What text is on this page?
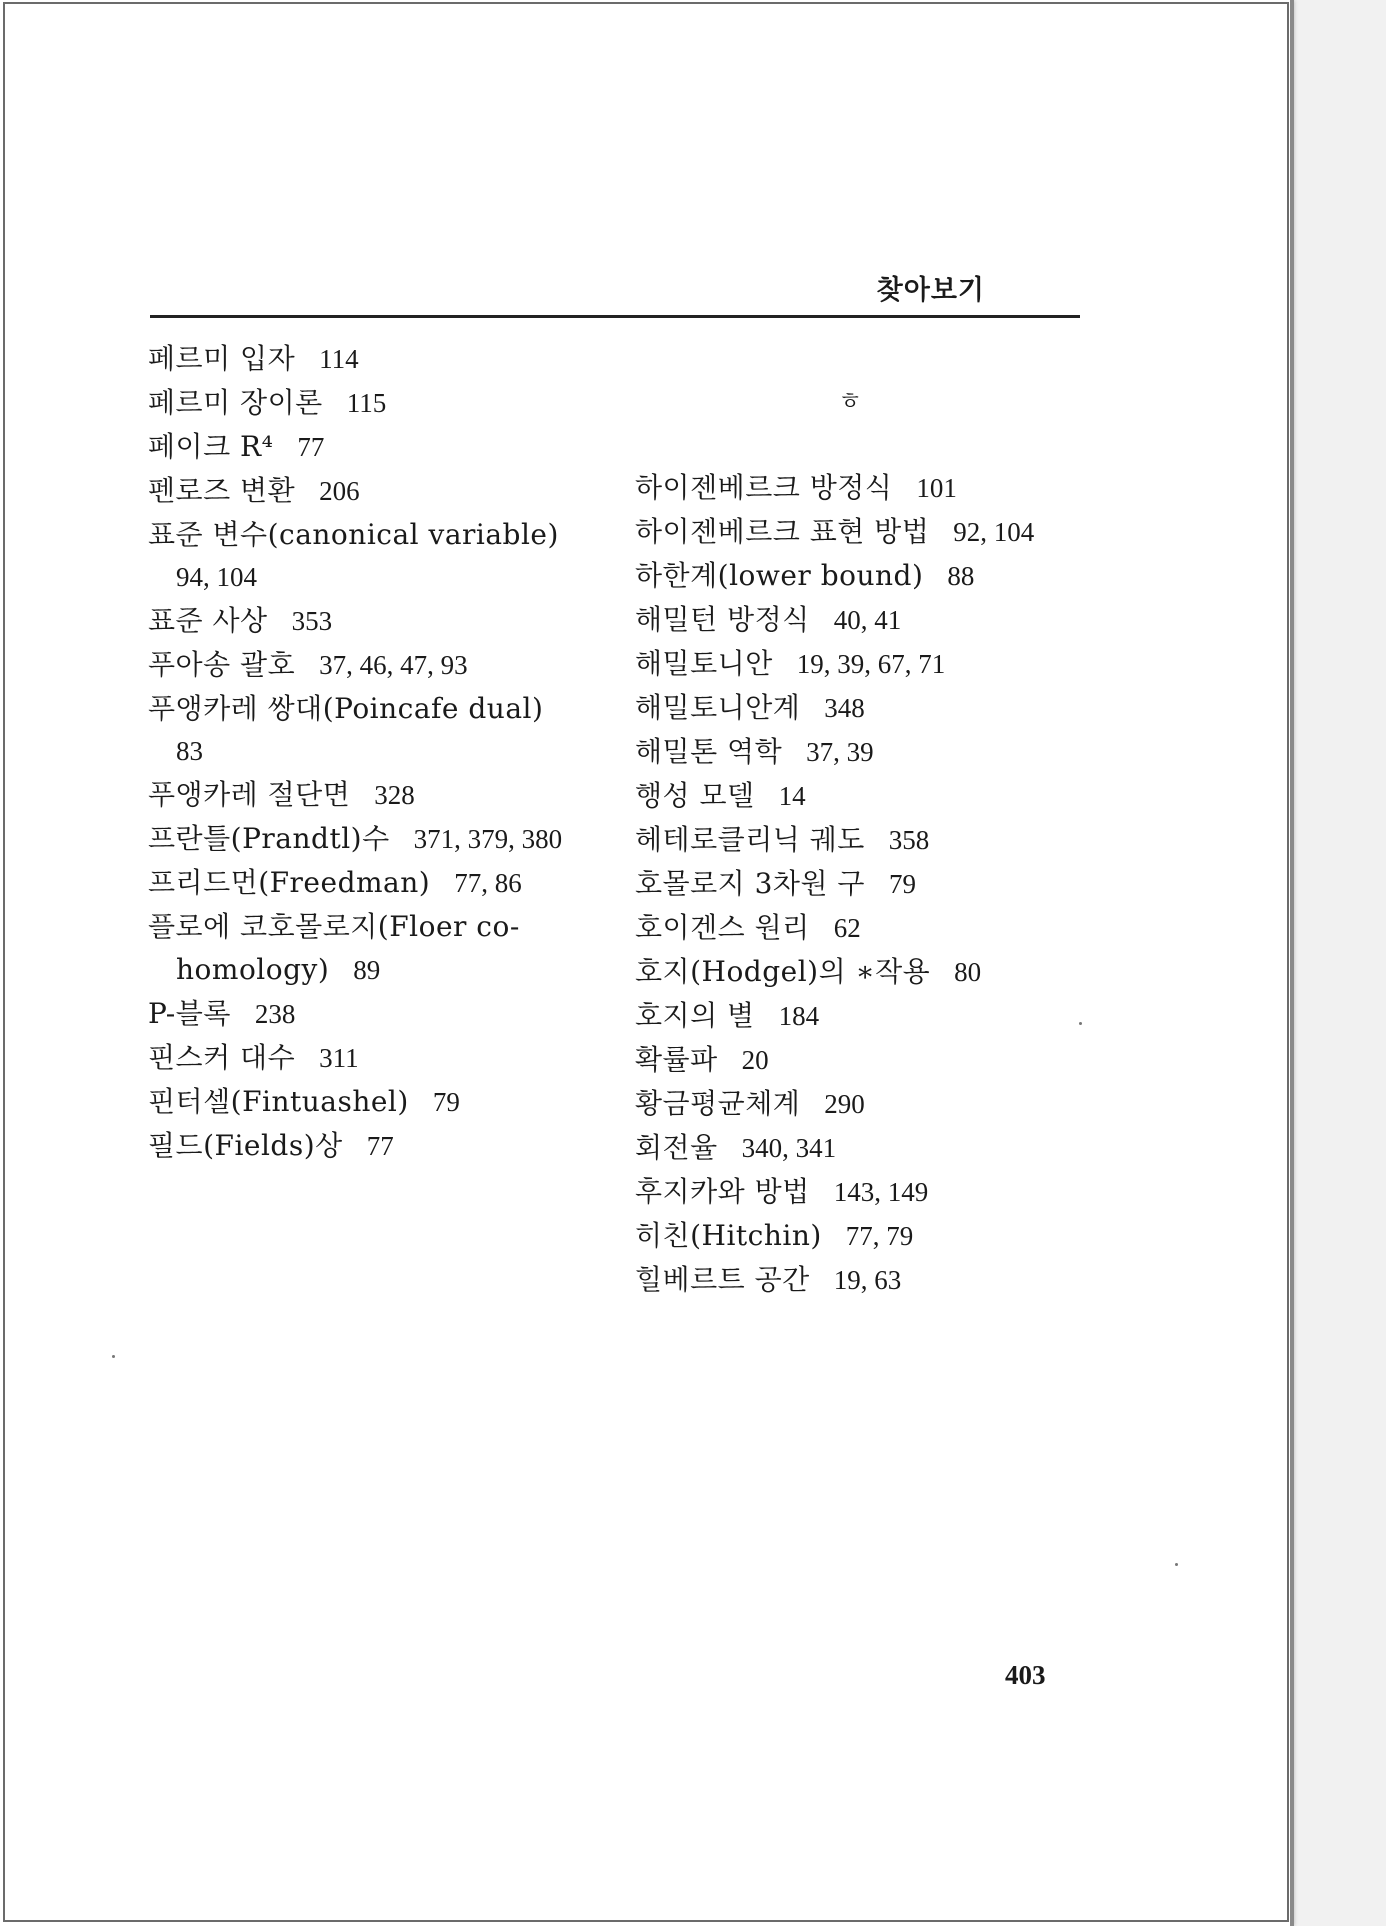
찾아보기
페르미 입자 114
페르미 장이론 115
페이크 R⁴ 77
펜로즈 변환 206
표준 변수(canonical variable)
94, 104
표준 사상 353
푸아송 괄호 37, 46, 47, 93
푸앵카레 쌍대(Poincafe dual)
83
푸앵카레 절단면 328
프란틀(Prandtl)수 371, 379, 380
프리드먼(Freedman) 77, 86
플로에 코호몰로지(Floer co-
homology) 89
P-블록 238
핀스커 대수 311
핀터셀(Fintuashel) 79
필드(Fields)상 77
ㅎ
하이젠베르크 방정식 101
하이젠베르크 표현 방법 92, 104
하한계(lower bound) 88
해밀턴 방정식 40, 41
해밀토니안 19, 39, 67, 71
해밀토니안계 348
해밀톤 역학 37, 39
행성 모델 14
헤테로클리닉 궤도 358
호몰로지 3차원 구 79
호이겐스 원리 62
호지(Hodgel)의 ∗작용 80
호지의 별 184
확률파 20
황금평균체계 290
회전율 340, 341
후지카와 방법 143, 149
히친(Hitchin) 77, 79
힐베르트 공간 19, 63
403
